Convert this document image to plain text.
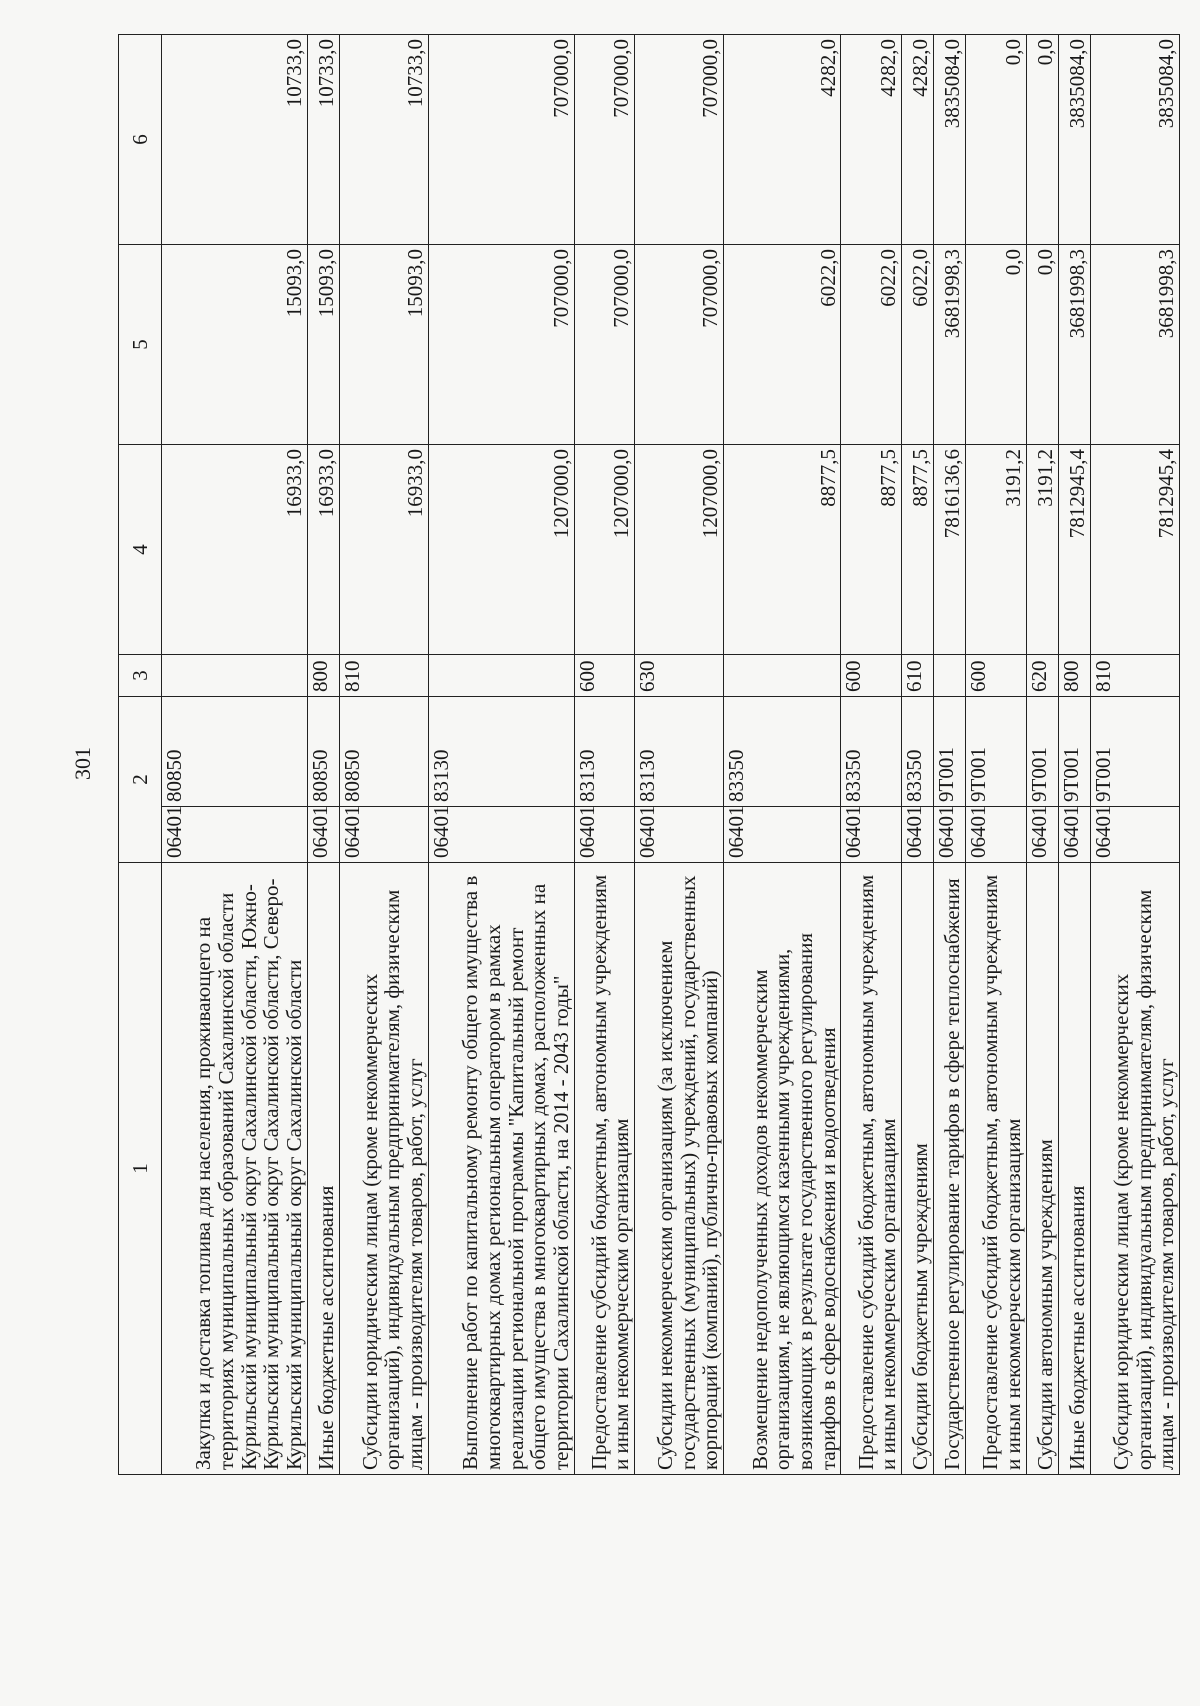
301
1	2		3	4	5	6
Закупка и доставка топлива для населения, проживающего на территориях муниципальных образований Сахалинской области Курильский муниципальный округ Сахалинской области, Южно-Курильский муниципальный округ Сахалинской области, Северо-Курильский муниципальный округ Сахалинской области	06401	80850		16933,0	15093,0	10733,0
Иные бюджетные ассигнования	06401	80850	800	16933,0	15093,0	10733,0
Субсидии юридическим лицам (кроме некоммерческих организаций), индивидуальным предпринимателям, физическим лицам - производителям товаров, работ, услуг	06401	80850	810	16933,0	15093,0	10733,0
Выполнение работ по капитальному ремонту общего имущества в многоквартирных домах региональным оператором в рамках реализации региональной программы "Капитальный ремонт общего имущества в многоквартирных домах, расположенных на территории Сахалинской области, на 2014 - 2043 годы"	06401	83130		1207000,0	707000,0	707000,0
Предоставление субсидий бюджетным, автономным учреждениям и иным некоммерческим организациям	06401	83130	600	1207000,0	707000,0	707000,0
Субсидии некоммерческим организациям (за исключением государственных (муниципальных) учреждений, государственных корпораций (компаний), публично-правовых компаний)	06401	83130	630	1207000,0	707000,0	707000,0
Возмещение недополученных доходов некоммерческим организациям, не являющимся казенными учреждениями, возникающих в результате государственного регулирования тарифов в сфере водоснабжения и водоотведения	06401	83350		8877,5	6022,0	4282,0
Предоставление субсидий бюджетным, автономным учреждениям и иным некоммерческим организациям	06401	83350	600	8877,5	6022,0	4282,0
Субсидии бюджетным учреждениям	06401	83350	610	8877,5	6022,0	4282,0
Государственное регулирование тарифов в сфере теплоснабжения	06401	9T001		7816136,6	3681998,3	3835084,0
Предоставление субсидий бюджетным, автономным учреждениям и иным некоммерческим организациям	06401	9T001	600	3191,2	0,0	0,0
Субсидии автономным учреждениям	06401	9T001	620	3191,2	0,0	0,0
Иные бюджетные ассигнования	06401	9T001	800	7812945,4	3681998,3	3835084,0
Субсидии юридическим лицам (кроме некоммерческих организаций), индивидуальным предпринимателям, физическим лицам - производителям товаров, работ, услуг	06401	9T001	810	7812945,4	3681998,3	3835084,0
